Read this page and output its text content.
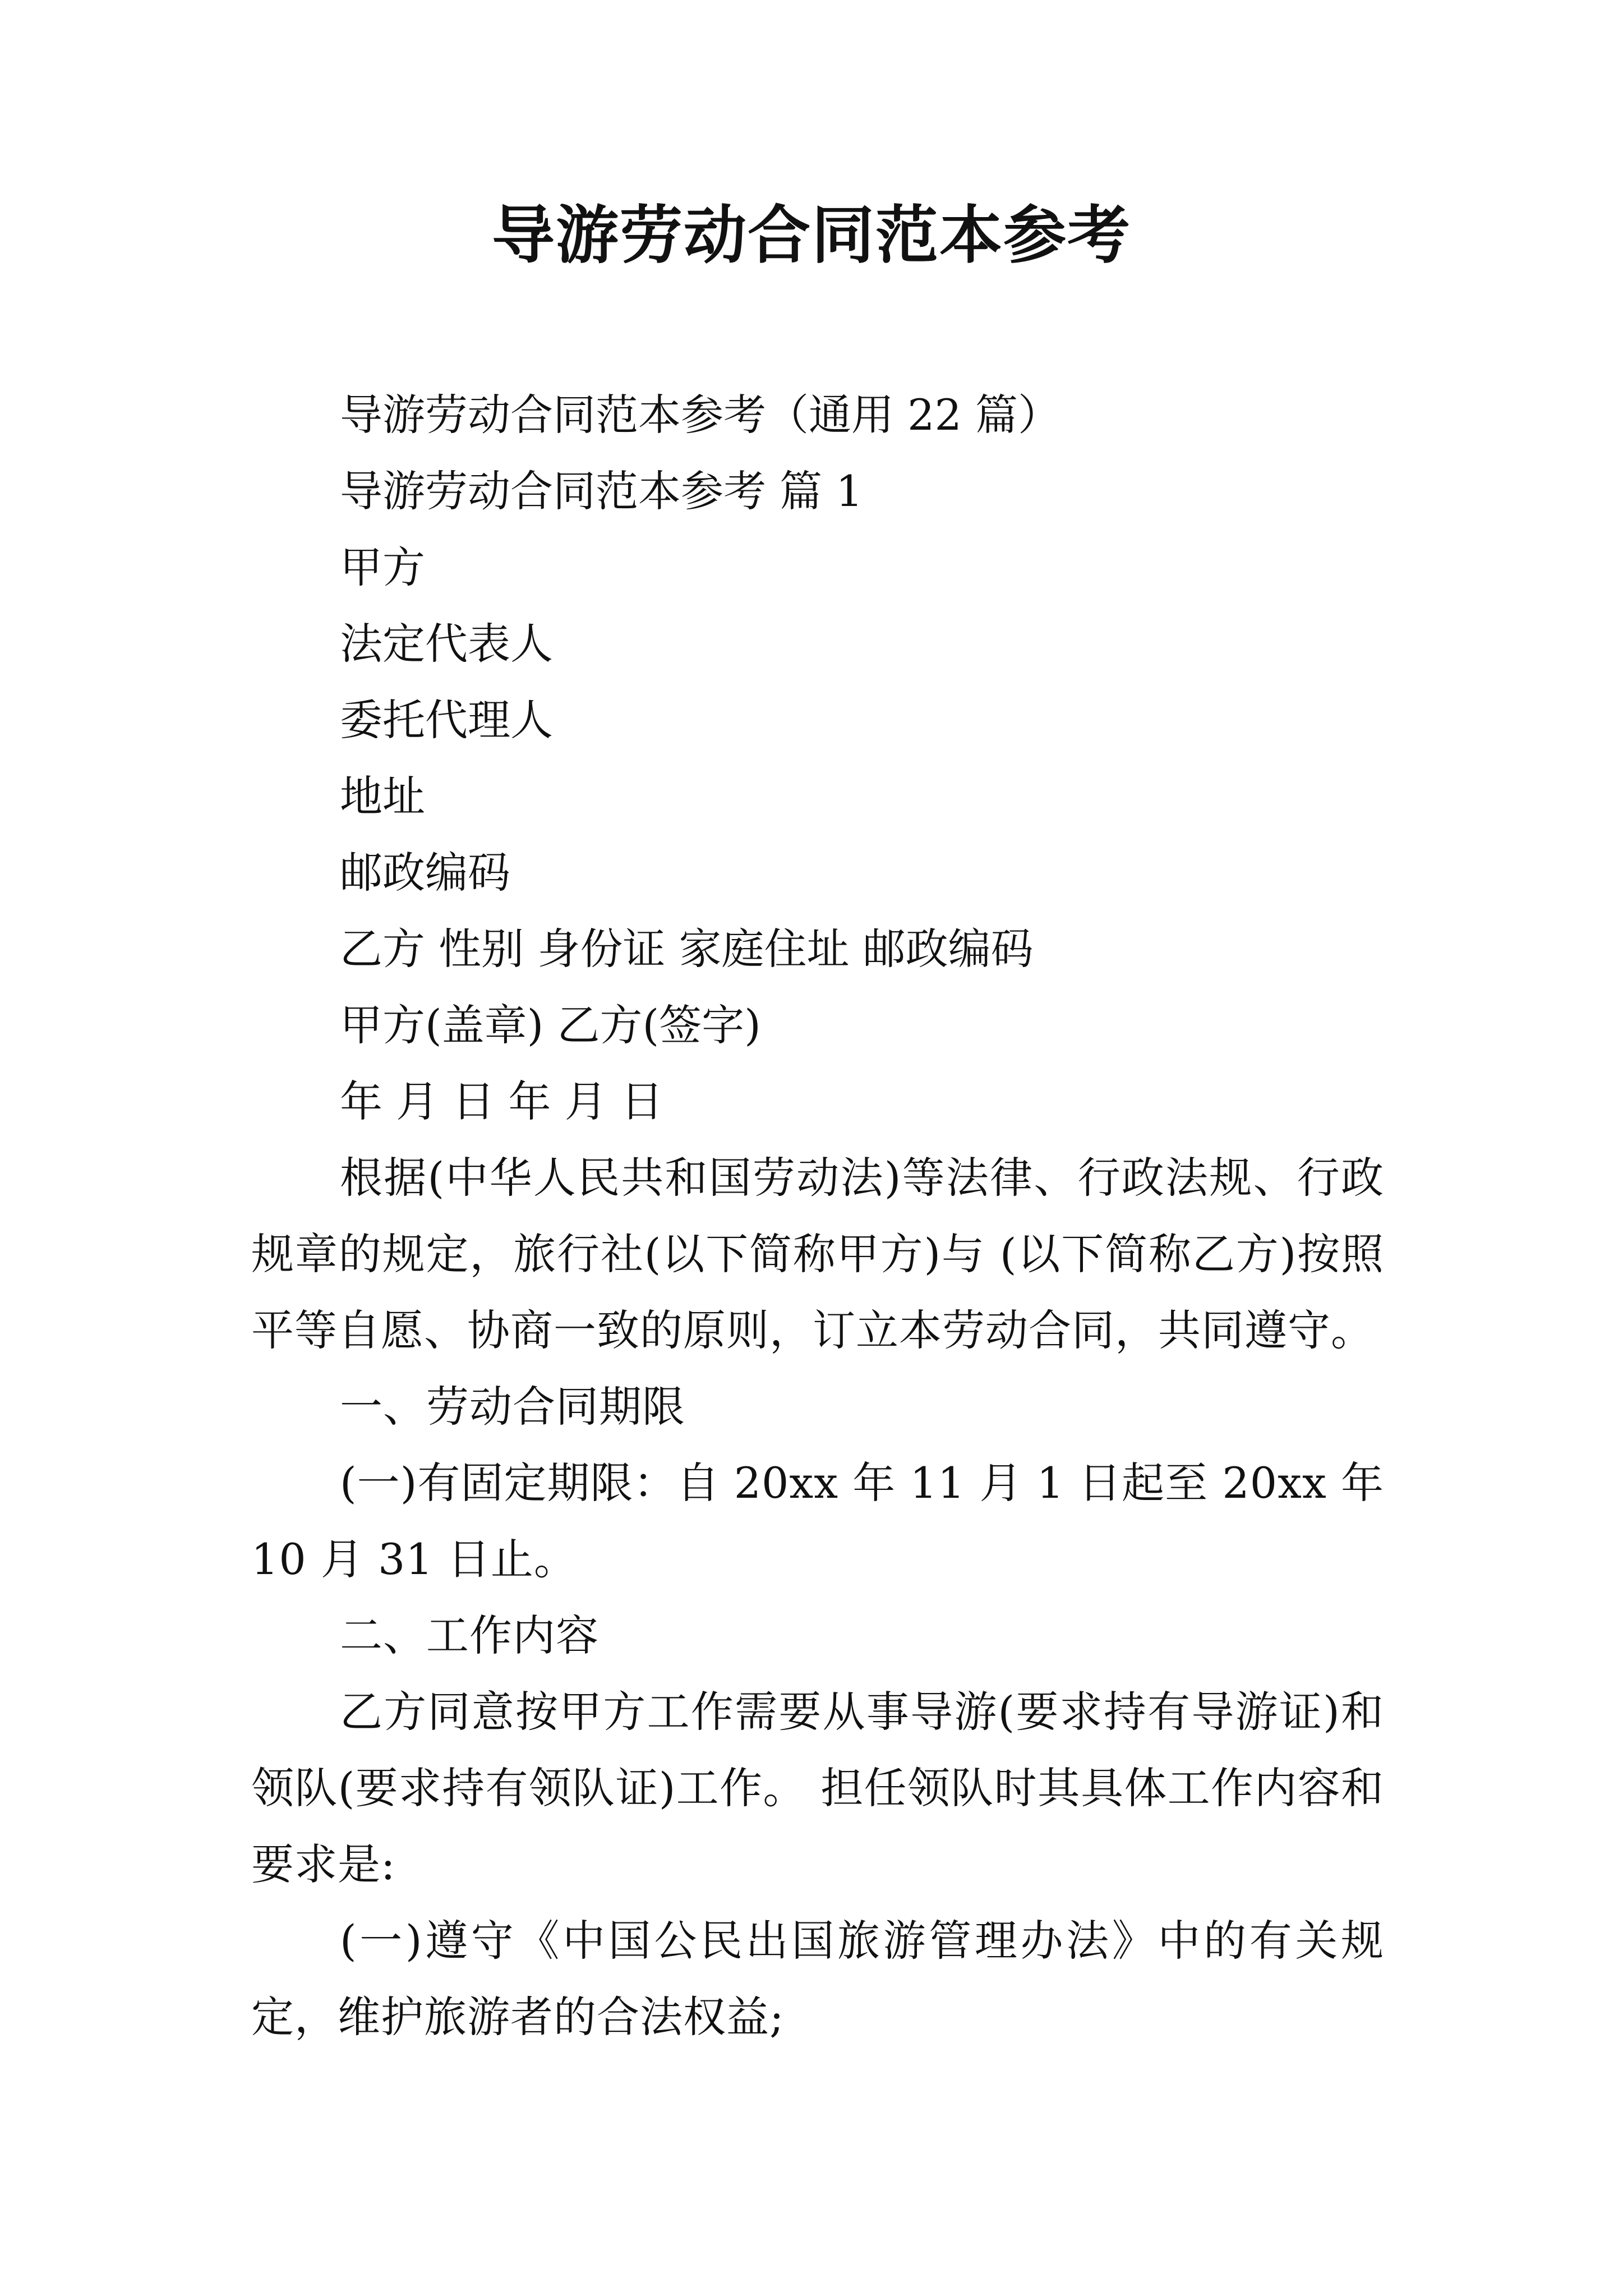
导游劳动合同范本参考

导游劳动合同范本参考（通用 22 篇）

导游劳动合同范本参考 篇 1

甲方

法定代表人

委托代理人

地址

邮政编码

乙方 性别 身份证 家庭住址 邮政编码

甲方(盖章) 乙方(签字)

年 月 日 年 月 日

根据(中华人民共和国劳动法)等法律、行政法规、行政规章的规定，旅行社(以下简称甲方)与 (以下简称乙方)按照平等自愿、协商一致的原则，订立本劳动合同，共同遵守。

一、劳动合同期限

(一)有固定期限：自 20xx 年 11 月 1 日起至 20xx 年 10 月 31 日止。

二、工作内容

乙方同意按甲方工作需要从事导游(要求持有导游证)和领队(要求持有领队证)工作。 担任领队时其具体工作内容和要求是:

(一)遵守《中国公民出国旅游管理办法》中的有关规定，维护旅游者的合法权益;
